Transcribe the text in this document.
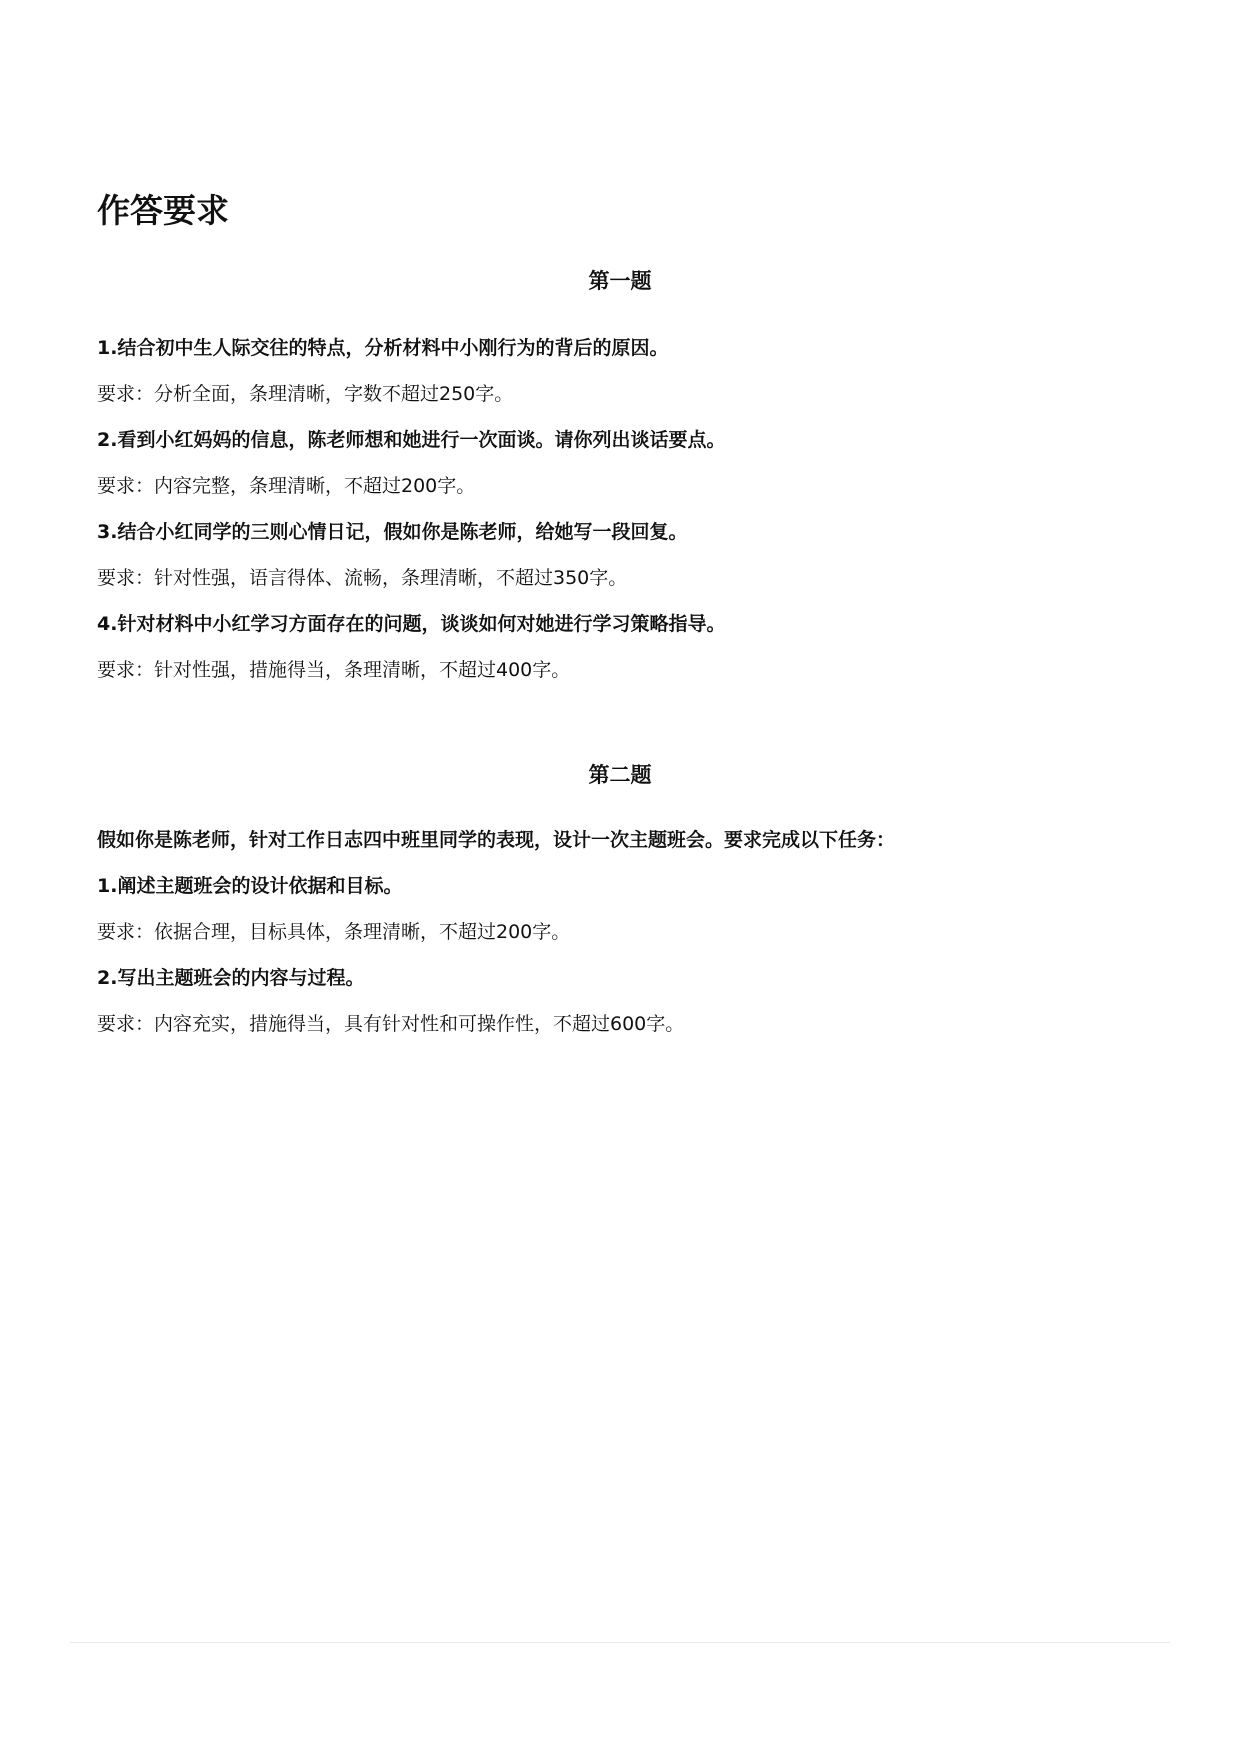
作答要求
第一题

1.结合初中生人际交往的特点，分析材料中小刚行为的背后的原因。

要求：分析全面，条理清晰，字数不超过250字。

2.看到小红妈妈的信息，陈老师想和她进行一次面谈。请你列出谈话要点。

要求：内容完整，条理清晰，不超过200字。

3.结合小红同学的三则心情日记，假如你是陈老师，给她写一段回复。

要求：针对性强，语言得体、流畅，条理清晰，不超过350字。

4.针对材料中小红学习方面存在的问题，谈谈如何对她进行学习策略指导。

要求：针对性强，措施得当，条理清晰，不超过400字。

第二题

假如你是陈老师，针对工作日志四中班里同学的表现，设计一次主题班会。要求完成以下任务：

1.阐述主题班会的设计依据和目标。

要求：依据合理，目标具体，条理清晰，不超过200字。

2.写出主题班会的内容与过程。

要求：内容充实，措施得当，具有针对性和可操作性，不超过600字。
